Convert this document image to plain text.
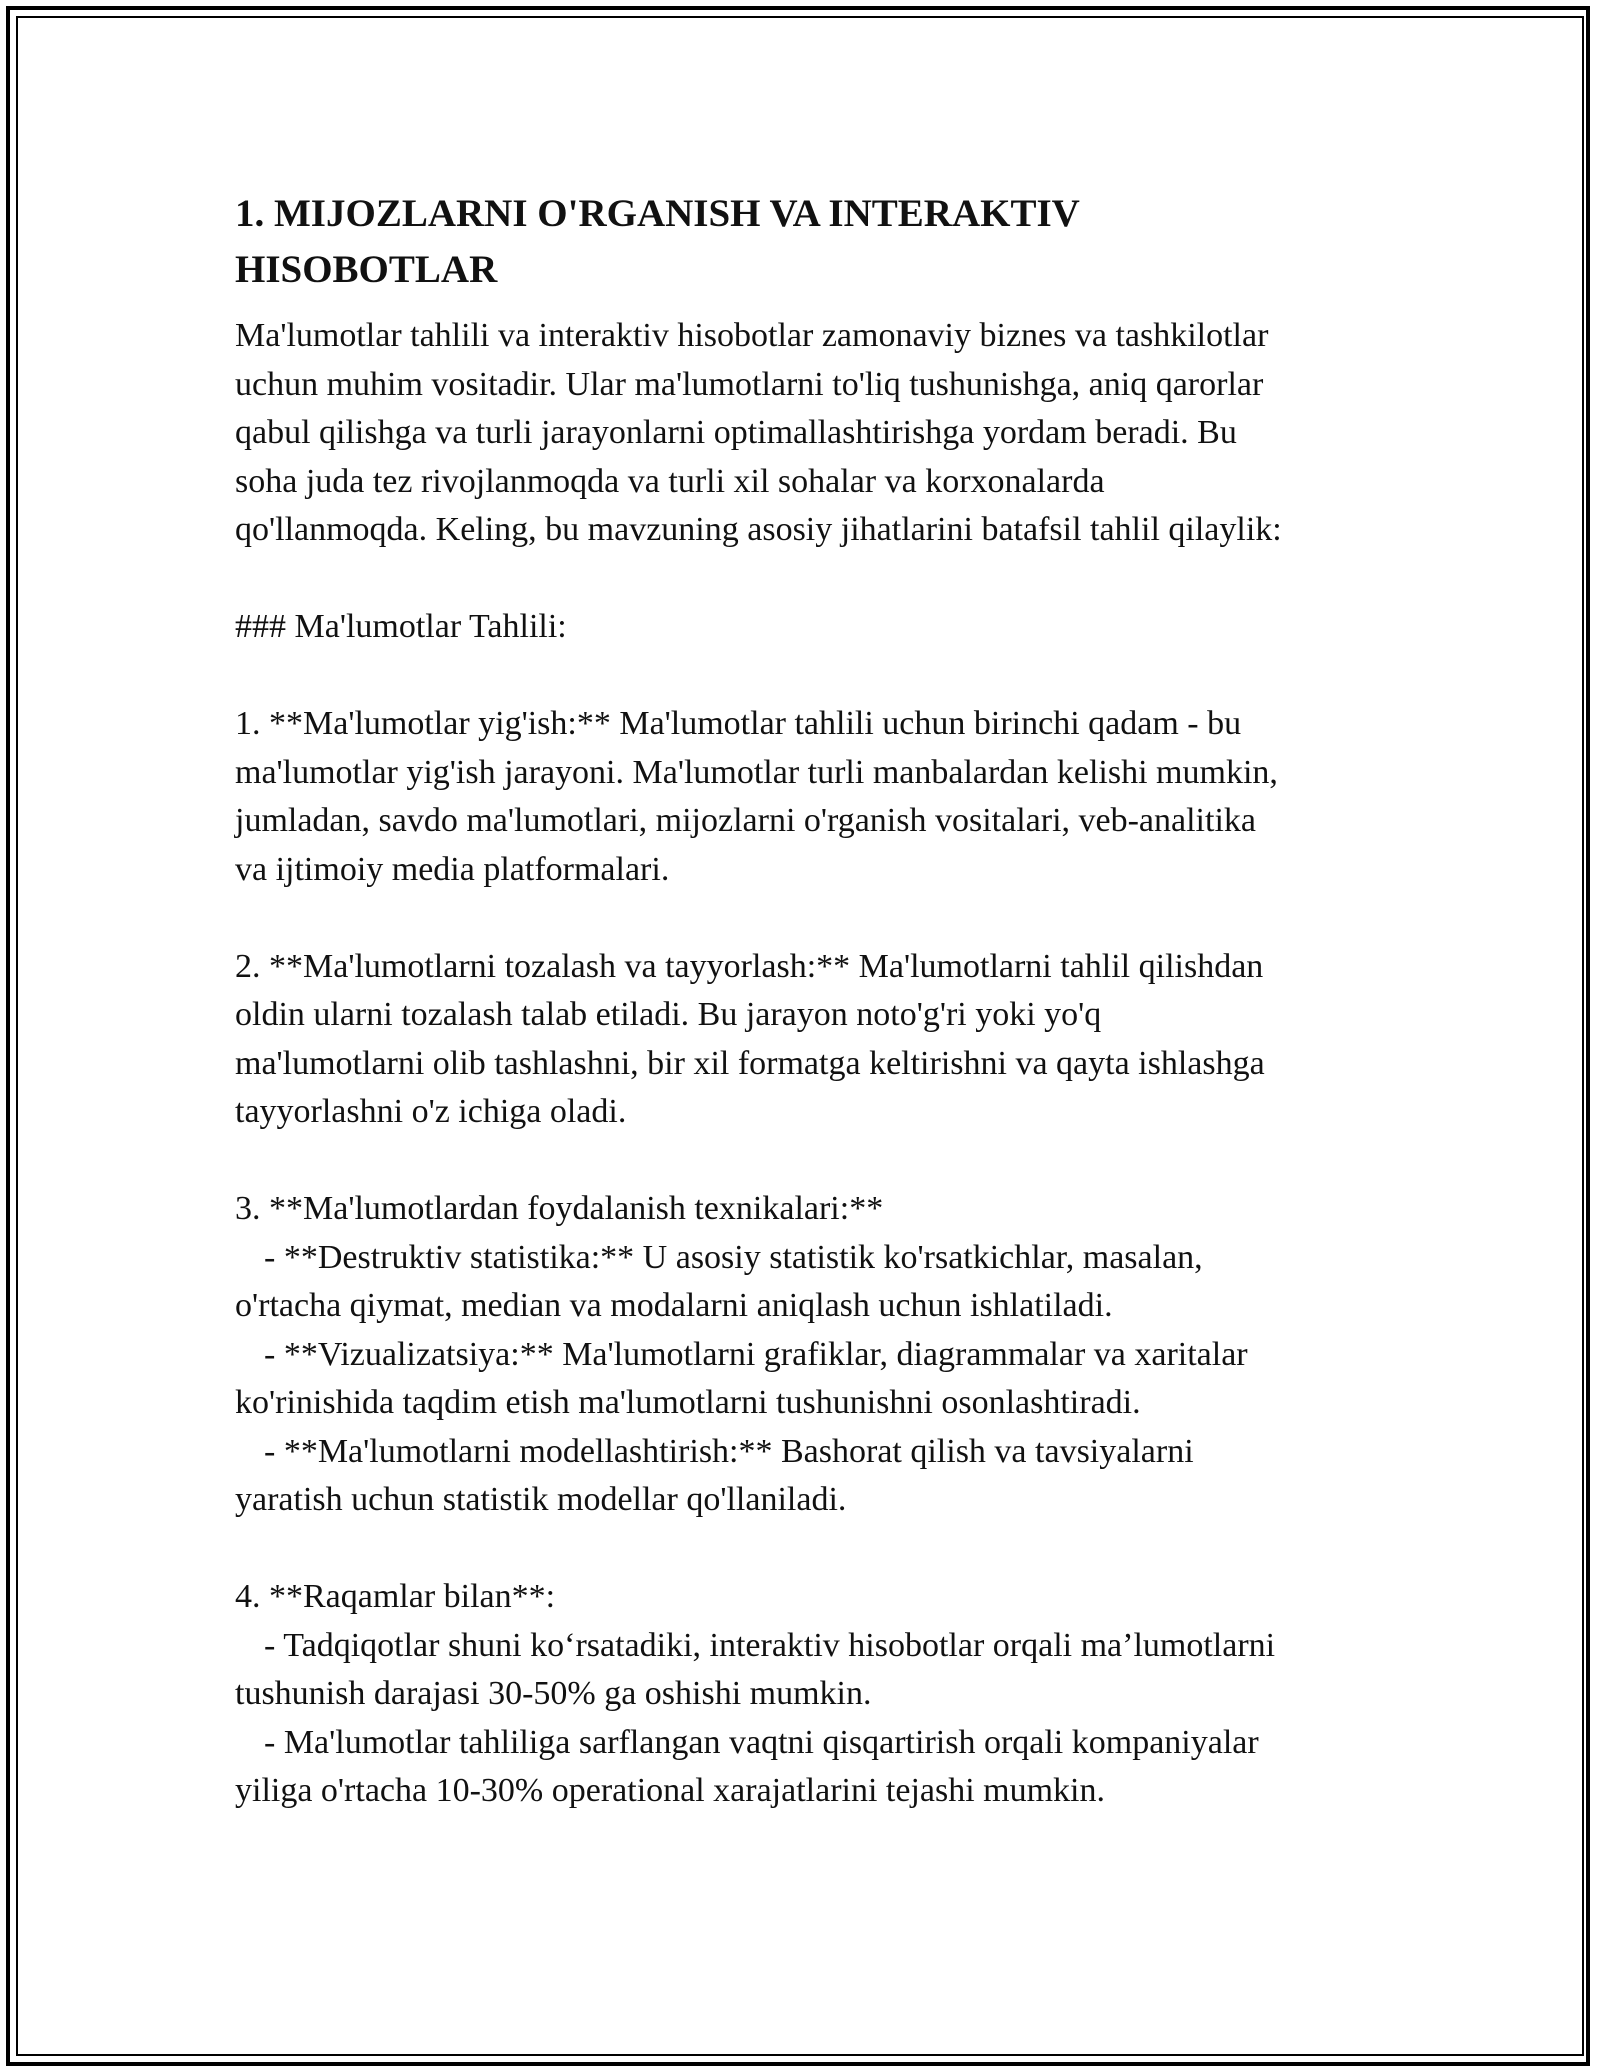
1. MIJOZLARNI O'RGANISH VA INTERAKTIV
HISOBOTLAR

Ma'lumotlar tahlili va interaktiv hisobotlar zamonaviy biznes va tashkilotlar
uchun muhim vositadir. Ular ma'lumotlarni to'liq tushunishga, aniq qarorlar
qabul qilishga va turli jarayonlarni optimallashtirishga yordam beradi. Bu
soha juda tez rivojlanmoqda va turli xil sohalar va korxonalarda
qo'llanmoqda. Keling, bu mavzuning asosiy jihatlarini batafsil tahlil qilaylik:

### Ma'lumotlar Tahlili:

1. **Ma'lumotlar yig'ish:** Ma'lumotlar tahlili uchun birinchi qadam - bu
ma'lumotlar yig'ish jarayoni. Ma'lumotlar turli manbalardan kelishi mumkin,
jumladan, savdo ma'lumotlari, mijozlarni o'rganish vositalari, veb-analitika
va ijtimoiy media platformalari.

2. **Ma'lumotlarni tozalash va tayyorlash:** Ma'lumotlarni tahlil qilishdan
oldin ularni tozalash talab etiladi. Bu jarayon noto'g'ri yoki yo'q
ma'lumotlarni olib tashlashni, bir xil formatga keltirishni va qayta ishlashga
tayyorlashni o'z ichiga oladi.

3. **Ma'lumotlardan foydalanish texnikalari:**
- **Destruktiv statistika:** U asosiy statistik ko'rsatkichlar, masalan,
o'rtacha qiymat, median va modalarni aniqlash uchun ishlatiladi.
- **Vizualizatsiya:** Ma'lumotlarni grafiklar, diagrammalar va xaritalar
ko'rinishida taqdim etish ma'lumotlarni tushunishni osonlashtiradi.
- **Ma'lumotlarni modellashtirish:** Bashorat qilish va tavsiyalarni
yaratish uchun statistik modellar qo'llaniladi.

4. **Raqamlar bilan**:
- Tadqiqotlar shuni ko‘rsatadiki, interaktiv hisobotlar orqali ma’lumotlarni
tushunish darajasi 30-50% ga oshishi mumkin.
- Ma'lumotlar tahliliga sarflangan vaqtni qisqartirish orqali kompaniyalar
yiliga o'rtacha 10-30% operational xarajatlarini tejashi mumkin.
